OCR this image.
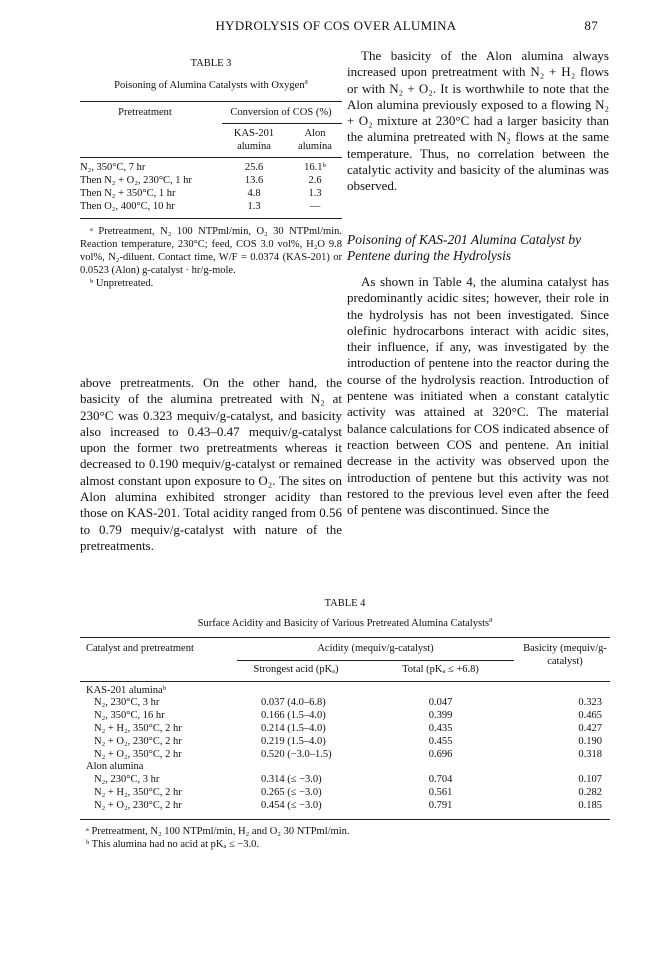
HYDROLYSIS OF COS OVER ALUMINA	87
TABLE 3
Poisoning of Alumina Catalysts with Oxygen$^a$
Pretreatment	Conversion of COS (%)	

	KAS-201 alumina	Alon alumina

N₂, 350°C, 7 hr	25.6	16.1ᵇ
Then N₂ + O₂, 230°C, 1 hr	13.6	2.6
Then N₂ + 350°C, 1 hr	4.8	1.3
Then O₂, 400°C, 10 hr	1.3	—
ᵃ Pretreatment, N₂ 100 NTPml/min, O₂ 30 NTPml/min. Reaction temperature, 230°C; feed, COS 3.0 vol%, H₂O 9.8 vol%, N₂-diluent. Contact time, W/F = 0.0374 (KAS-201) or 0.0523 (Alon) g-catalyst · hr/g-mole.
ᵇ Unpretreated.
above pretreatments. On the other hand, the basicity of the alumina pretreated with N₂ at 230°C was 0.323 mequiv/g-catalyst, and basicity also increased to 0.43–0.47 mequiv/g-catalyst upon the former two pretreatments whereas it decreased to 0.190 mequiv/g-catalyst or remained almost constant upon exposure to O₂. The sites on Alon alumina exhibited stronger acidity than those on KAS-201. Total acidity ranged from 0.56 to 0.79 mequiv/g-catalyst with nature of the pretreatments.
The basicity of the Alon alumina always increased upon pretreatment with N₂ + H₂ flows or with N₂ + O₂. It is worthwhile to note that the Alon alumina previously exposed to a flowing N₂ + O₂ mixture at 230°C had a larger basicity than the alumina pretreated with N₂ flows at the same temperature. Thus, no correlation between the catalytic activity and basicity of the aluminas was observed.
Poisoning of KAS-201 Alumina Catalyst by Pentene during the Hydrolysis
As shown in Table 4, the alumina catalyst has predominantly acidic sites; however, their role in the hydrolysis has not been investigated. Since olefinic hydrocarbons interact with acidic sites, their influence, if any, was investigated by the introduction of pentene into the reactor during the course of the hydrolysis reaction. Introduction of pentene was initiated when a constant catalytic activity was attained at 320°C. The material balance calculations for COS indicated absence of reaction between COS and pentene. An initial decrease in the activity was observed upon the introduction of pentene but this activity was not restored to the previous level even after the feed of pentene was discontinued. Since the
TABLE 4
Surface Acidity and Basicity of Various Pretreated Alumina Catalysts$^a$
Catalyst and pretreatment	Acidity (mequiv/g-catalyst)		Basicity (mequiv/g-catalyst)

	Strongest acid (pKₐ)	Total (pKₐ ≤ +6.8)	

KAS-201 aluminaᵇ			
N₂, 230°C, 3 hr	0.037 (4.0–6.8)	0.047	0.323
N₂, 350°C, 16 hr	0.166 (1.5–4.0)	0.399	0.465
N₂ + H₂, 350°C, 2 hr	0.214 (1.5–4.0)	0.435	0.427
N₂ + O₂, 230°C, 2 hr	0.219 (1.5–4.0)	0.455	0.190
N₂ + O₂, 350°C, 2 hr	0.520 (−3.0–1.5)	0.696	0.318
Alon alumina			
N₂, 230°C, 3 hr	0.314 (≤ −3.0)	0.704	0.107
N₂ + H₂, 350°C, 2 hr	0.265 (≤ −3.0)	0.561	0.282
N₂ + O₂, 230°C, 2 hr	0.454 (≤ −3.0)	0.791	0.185
ᵃ Pretreatment, N₂ 100 NTPml/min, H₂ and O₂ 30 NTPml/min.
ᵇ This alumina had no acid at pKₐ ≤ −3.0.
